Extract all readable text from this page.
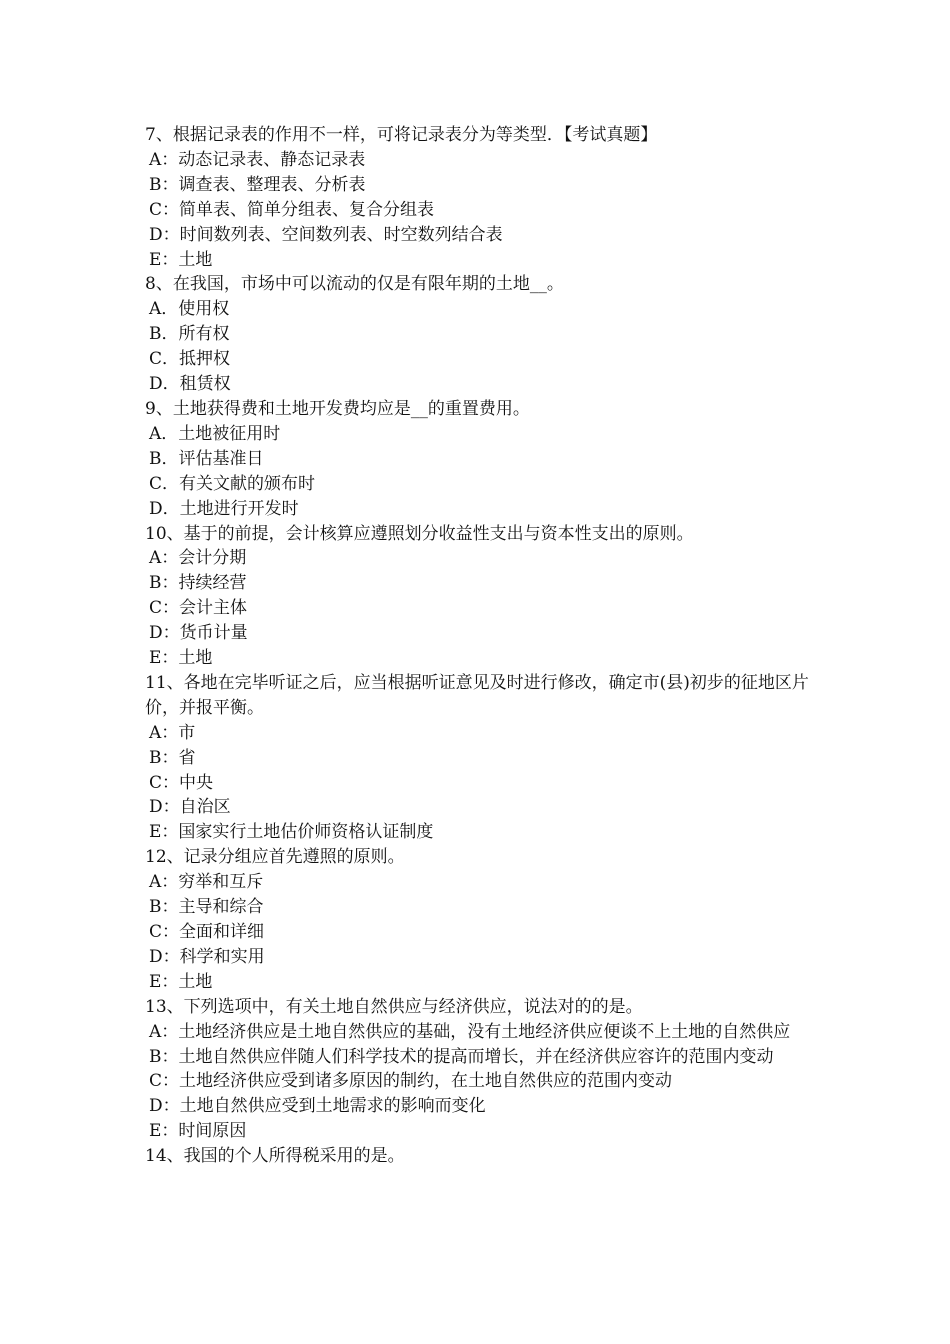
7、根据记录表的作用不一样，可将记录表分为等类型．【考试真题】

A：动态记录表、静态记录表

B：调查表、整理表、分析表

C：简单表、简单分组表、复合分组表

D：时间数列表、空间数列表、时空数列结合表

E：土地

8、在我国，市场中可以流动的仅是有限年期的土地__。

A．使用权

B．所有权

C．抵押权

D．租赁权

9、土地获得费和土地开发费均应是__的重置费用。

A．土地被征用时

B．评估基准日

C．有关文献的颁布时

D．土地进行开发时

10、基于的前提，会计核算应遵照划分收益性支出与资本性支出的原则。

A：会计分期

B：持续经营

C：会计主体

D：货币计量

E：土地

11、各地在完毕听证之后，应当根据听证意见及时进行修改，确定市(县)初步的征地区片价，并报平衡。

A：市

B：省

C：中央

D：自治区

E：国家实行土地估价师资格认证制度

12、记录分组应首先遵照的原则。

A：穷举和互斥

B：主导和综合

C：全面和详细

D：科学和实用

E：土地

13、下列选项中，有关土地自然供应与经济供应，说法对的的是。

A：土地经济供应是土地自然供应的基础，没有土地经济供应便谈不上土地的自然供应

B：土地自然供应伴随人们科学技术的提高而增长，并在经济供应容许的范围内变动

C：土地经济供应受到诸多原因的制约，在土地自然供应的范围内变动

D：土地自然供应受到土地需求的影响而变化

E：时间原因

14、我国的个人所得税采用的是。
